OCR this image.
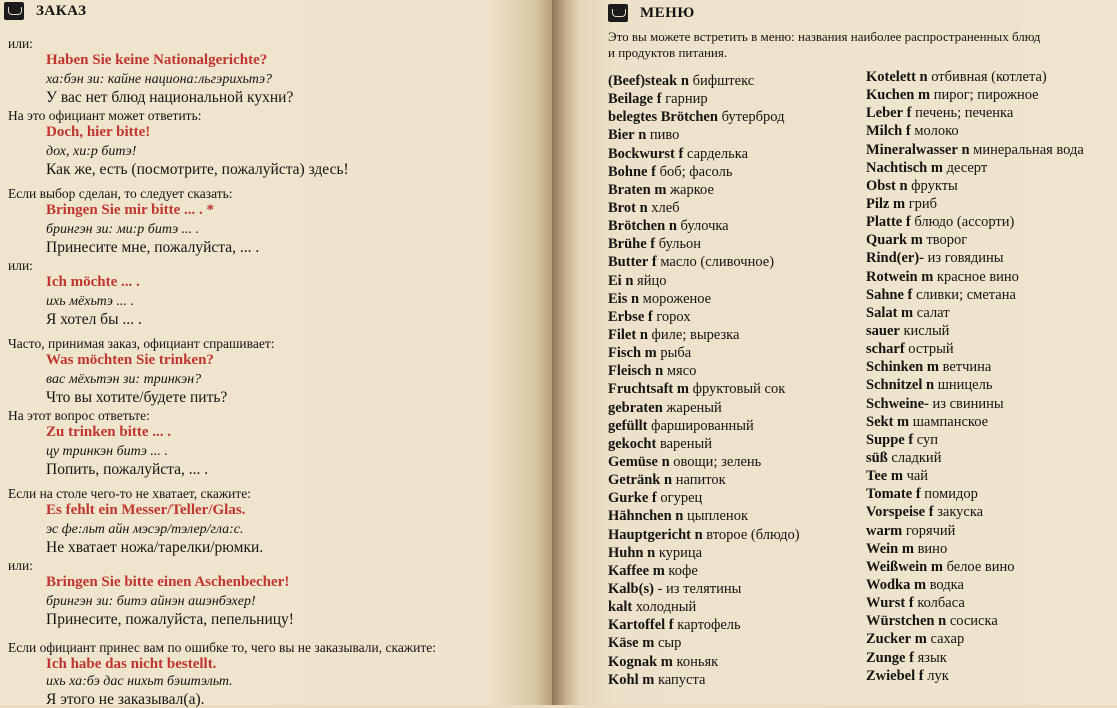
ЗАКАЗ
или:
Haben Sie keine Nationalgerichte?
ха:бэн зи: кайне национа:льгэрихьтэ?
У вас нет блюд национальной кухни?
На это официант может ответить:
Doch, hier bitte!
дох, хи:р битэ!
Как же, есть (посмотрите, пожалуйста) здесь!
Если выбор сделан, то следует сказать:
Bringen Sie mir bitte ... . *
брингэн зи: ми:р битэ ... .
Принесите мне, пожалуйста, ... .
или:
Ich möchte ... .
ихь мёхьтэ ... .
Я хотел бы ... .
Часто, принимая заказ, официант спрашивает:
Was möchten Sie trinken?
вас мёхьтэн зи: тринкэн?
Что вы хотите/будете пить?
На этот вопрос ответьте:
Zu trinken bitte ... .
цу тринкэн битэ ... .
Попить, пожалуйста, ... .
Если на столе чего-то не хватает, скажите:
Es fehlt ein Messer/Teller/Glas.
эс фе:льт айн мэсэр/тэлер/гла:с.
Не хватает ножа/тарелки/рюмки.
или:
Bringen Sie bitte einen Aschenbecher!
брингэн зи: битэ айнэн ашэнбэхер!
Принесите, пожалуйста, пепельницу!
Если официант принес вам по ошибке то, чего вы не заказывали, скажите:
Ich habe das nicht bestellt.
ихь ха:бэ дас нихьт бэштэльт.
Я этого не заказывал(а).
МЕНЮ
Это вы можете встретить в меню: названия наиболее распространенных блюд
и продуктов питания.
(Beef)steak n бифштекс
Beilage f гарнир
belegtes Brötchen бутерброд
Bier n пиво
Bockwurst f сарделька
Bohne f боб; фасоль
Braten m жаркое
Brot n хлеб
Brötchen n булочка
Brühe f бульон
Butter f масло (сливочное)
Ei n яйцо
Eis n мороженое
Erbse f горох
Filet n филе; вырезка
Fisch m рыба
Fleisch n мясо
Fruchtsaft m фруктовый сок
gebraten жареный
gefüllt фаршированный
gekocht вареный
Gemüse n овощи; зелень
Getränk n напиток
Gurke f огурец
Hähnchen n цыпленок
Hauptgericht n второе (блюдо)
Huhn n курица
Kaffee m кофе
Kalb(s) - из телятины
kalt холодный
Kartoffel f картофель
Käse m сыр
Kognak m коньяк
Kohl m капуста
Kotelett n отбивная (котлета)
Kuchen m пирог; пирожное
Leber f печень; печенка
Milch f молоко
Mineralwasser n минеральная вода
Nachtisch m десерт
Obst n фрукты
Pilz m гриб
Platte f блюдо (ассорти)
Quark m творог
Rind(er)- из говядины
Rotwein m красное вино
Sahne f сливки; сметана
Salat m салат
sauer кислый
scharf острый
Schinken m ветчина
Schnitzel n шницель
Schweine- из свинины
Sekt m шампанское
Suppe f суп
süß сладкий
Tee m чай
Tomate f помидор
Vorspeise f закуска
warm горячий
Wein m вино
Weißwein m белое вино
Wodka m водка
Wurst f колбаса
Würstchen n сосиска
Zucker m сахар
Zunge f язык
Zwiebel f лук
